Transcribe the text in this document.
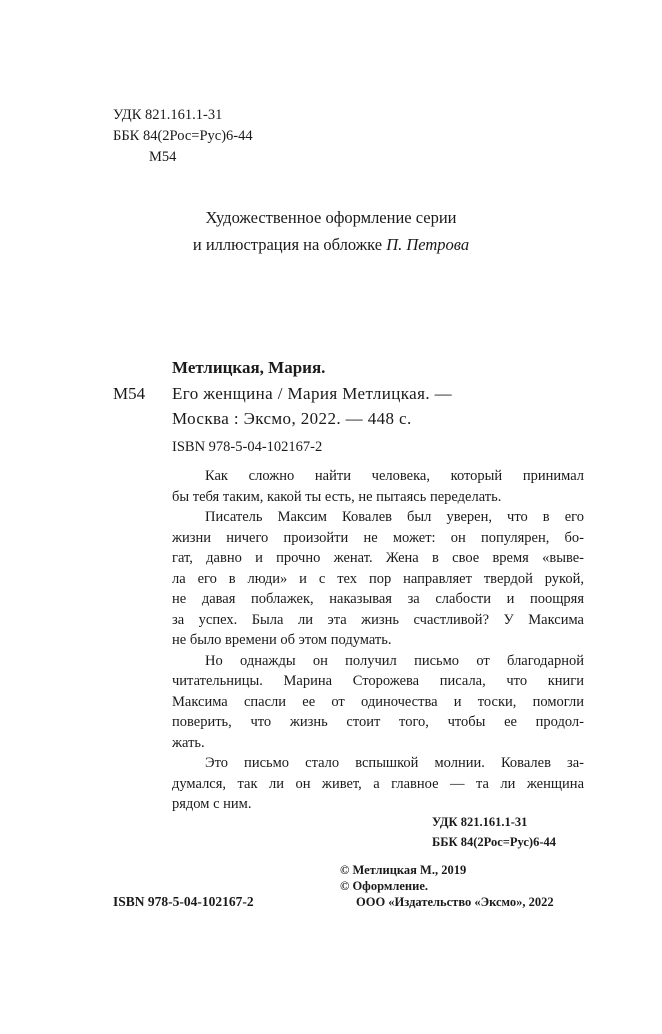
УДК 821.161.1-31
ББК 84(2Рос=Рус)6-44
М54
Художественное оформление серии
и иллюстрация на обложке П. Петрова
Метлицкая, Мария.
М54 Его женщина / Мария Метлицкая. —
Москва : Эксмо, 2022. — 448 с.
ISBN 978-5-04-102167-2
Как сложно найти человека, который принимал
бы тебя таким, какой ты есть, не пытаясь переделать.
Писатель Максим Ковалев был уверен, что в его
жизни ничего произойти не может: он популярен, бо-
гат, давно и прочно женат. Жена в свое время «выве-
ла его в люди» и с тех пор направляет твердой рукой,
не давая поблажек, наказывая за слабости и поощряя
за успех. Была ли эта жизнь счастливой? У Максима
не было времени об этом подумать.
Но однажды он получил письмо от благодарной
читательницы. Марина Сторожева писала, что книги
Максима спасли ее от одиночества и тоски, помогли
поверить, что жизнь стоит того, чтобы ее продол-
жать.
Это письмо стало вспышкой молнии. Ковалев за-
думался, так ли он живет, а главное — та ли женщина
рядом с ним.
УДК 821.161.1-31
ББК 84(2Рос=Рус)6-44
© Метлицкая М., 2019
© Оформление.
ООО «Издательство «Эксмо», 2022
ISBN 978-5-04-102167-2
